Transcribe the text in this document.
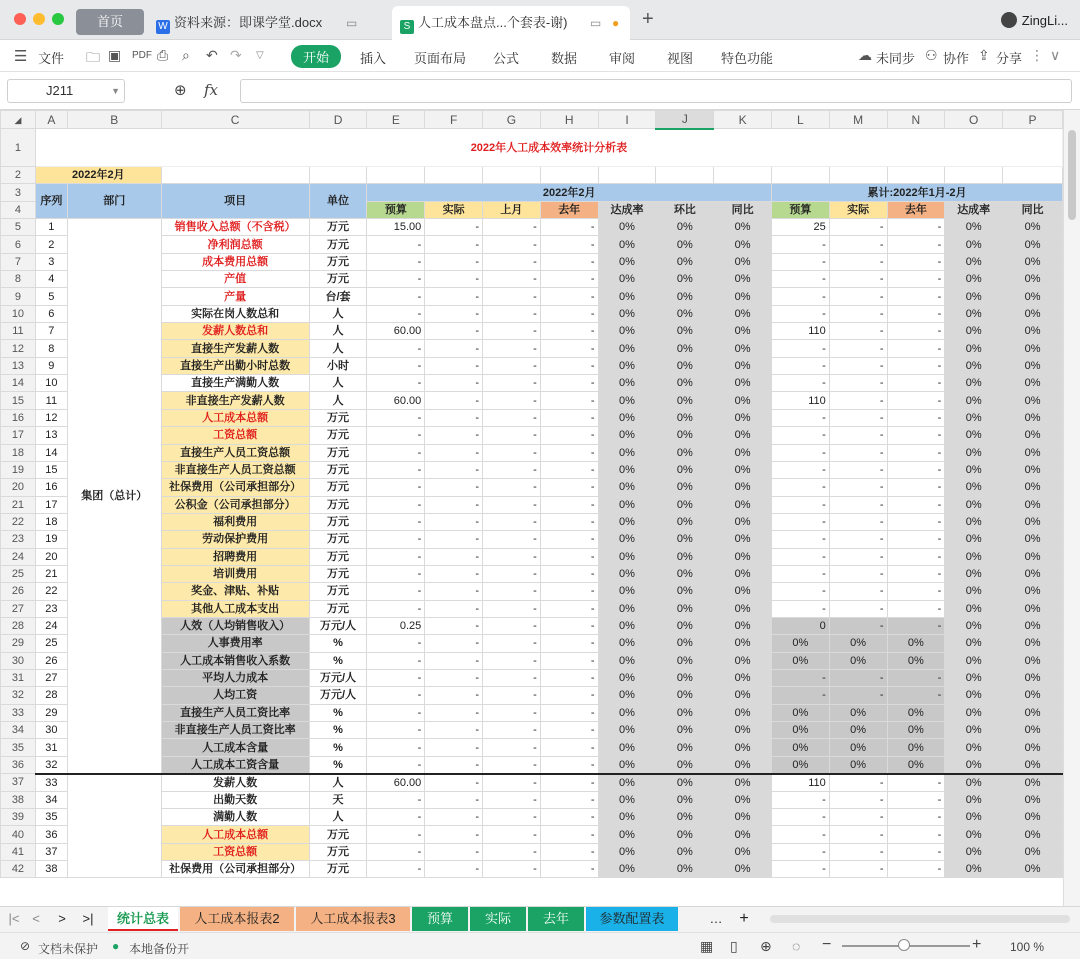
首页	W 资料来源：即课学堂.docx ▭	S 人工成本盘点...个套表-谢) ▭ ● +	ZingLi...
☰ 文件 🗀 ▣ PDF ⎙ ⌕ ↶ ↷ ▽	开始	插入 页面布局 公式 数据 审阅 视图 特色功能	☁ 未同步 ⚇ 协作 ⇪ 分享 ⋮ ∨
J211	▼	⊕ fx
◢	A	B	C	D	E	F	G	H	I	J	K	L	M	N	O	P
1	2022年人工成本效率统计分析表															
2	2022年2月															
3	序列	部门	项目	单位	2022年2月							累计:2022年1月-2月				
4					预算	实际	上月	去年	达成率	环比	同比	预算	实际	去年	达成率	同比
5	1	集团（总计）	销售收入总额（不含税）	万元	15.00	-	-	-	0%	0%	0%	25	-	-	0%	0%
6	2		净利润总额	万元	-	-	-	-	0%	0%	0%	-	-	-	0%	0%
7	3		成本费用总额	万元	-	-	-	-	0%	0%	0%	-	-	-	0%	0%
8	4		产值	万元	-	-	-	-	0%	0%	0%	-	-	-	0%	0%
9	5		产量	台/套	-	-	-	-	0%	0%	0%	-	-	-	0%	0%
10	6		实际在岗人数总和	人	-	-	-	-	0%	0%	0%	-	-	-	0%	0%
11	7		发薪人数总和	人	60.00	-	-	-	0%	0%	0%	110	-	-	0%	0%
12	8		直接生产发薪人数	人	-	-	-	-	0%	0%	0%	-	-	-	0%	0%
13	9		直接生产出勤小时总数	小时	-	-	-	-	0%	0%	0%	-	-	-	0%	0%
14	10		直接生产满勤人数	人	-	-	-	-	0%	0%	0%	-	-	-	0%	0%
15	11		非直接生产发薪人数	人	60.00	-	-	-	0%	0%	0%	110	-	-	0%	0%
16	12		人工成本总额	万元	-	-	-	-	0%	0%	0%	-	-	-	0%	0%
17	13		工资总额	万元	-	-	-	-	0%	0%	0%	-	-	-	0%	0%
18	14		直接生产人员工资总额	万元	-	-	-	-	0%	0%	0%	-	-	-	0%	0%
19	15		非直接生产人员工资总额	万元	-	-	-	-	0%	0%	0%	-	-	-	0%	0%
20	16		社保费用（公司承担部分）	万元	-	-	-	-	0%	0%	0%	-	-	-	0%	0%
21	17		公积金（公司承担部分）	万元	-	-	-	-	0%	0%	0%	-	-	-	0%	0%
22	18		福利费用	万元	-	-	-	-	0%	0%	0%	-	-	-	0%	0%
23	19		劳动保护费用	万元	-	-	-	-	0%	0%	0%	-	-	-	0%	0%
24	20		招聘费用	万元	-	-	-	-	0%	0%	0%	-	-	-	0%	0%
25	21		培训费用	万元	-	-	-	-	0%	0%	0%	-	-	-	0%	0%
26	22		奖金、津贴、补贴	万元	-	-	-	-	0%	0%	0%	-	-	-	0%	0%
27	23		其他人工成本支出	万元	-	-	-	-	0%	0%	0%	-	-	-	0%	0%
28	24		人效（人均销售收入）	万元/人	0.25	-	-	-	0%	0%	0%	0	-	-	0%	0%
29	25		人事费用率	%	-	-	-	-	0%	0%	0%	0%	0%	0%	0%	0%
30	26		人工成本销售收入系数	%	-	-	-	-	0%	0%	0%	0%	0%	0%	0%	0%
31	27		平均人力成本	万元/人	-	-	-	-	0%	0%	0%	-	-	-	0%	0%
32	28		人均工资	万元/人	-	-	-	-	0%	0%	0%	-	-	-	0%	0%
33	29		直接生产人员工资比率	%	-	-	-	-	0%	0%	0%	0%	0%	0%	0%	0%
34	30		非直接生产人员工资比率	%	-	-	-	-	0%	0%	0%	0%	0%	0%	0%	0%
35	31		人工成本含量	%	-	-	-	-	0%	0%	0%	0%	0%	0%	0%	0%
36	32		人工成本工资含量	%	-	-	-	-	0%	0%	0%	0%	0%	0%	0%	0%
37	33		发薪人数	人	60.00	-	-	-	0%	0%	0%	110	-	-	0%	0%
38	34		出勤天数	天	-	-	-	-	0%	0%	0%	-	-	-	0%	0%
39	35		满勤人数	人	-	-	-	-	0%	0%	0%	-	-	-	0%	0%
40	36		人工成本总额	万元	-	-	-	-	0%	0%	0%	-	-	-	0%	0%
41	37		工资总额	万元	-	-	-	-	0%	0%	0%	-	-	-	0%	0%
42	38		社保费用（公司承担部分）	万元	-	-	-	-	0%	0%	0%	-	-	-	0%	0%
|< <	>	>|	统计总表	人工成本报表2	人工成本报表3	预算	实际	去年	参数配置表	…	+
⊘ 文档未保护 ● 本地备份开	▦ ▯ ⊕ ◌ −	+ 100 %
